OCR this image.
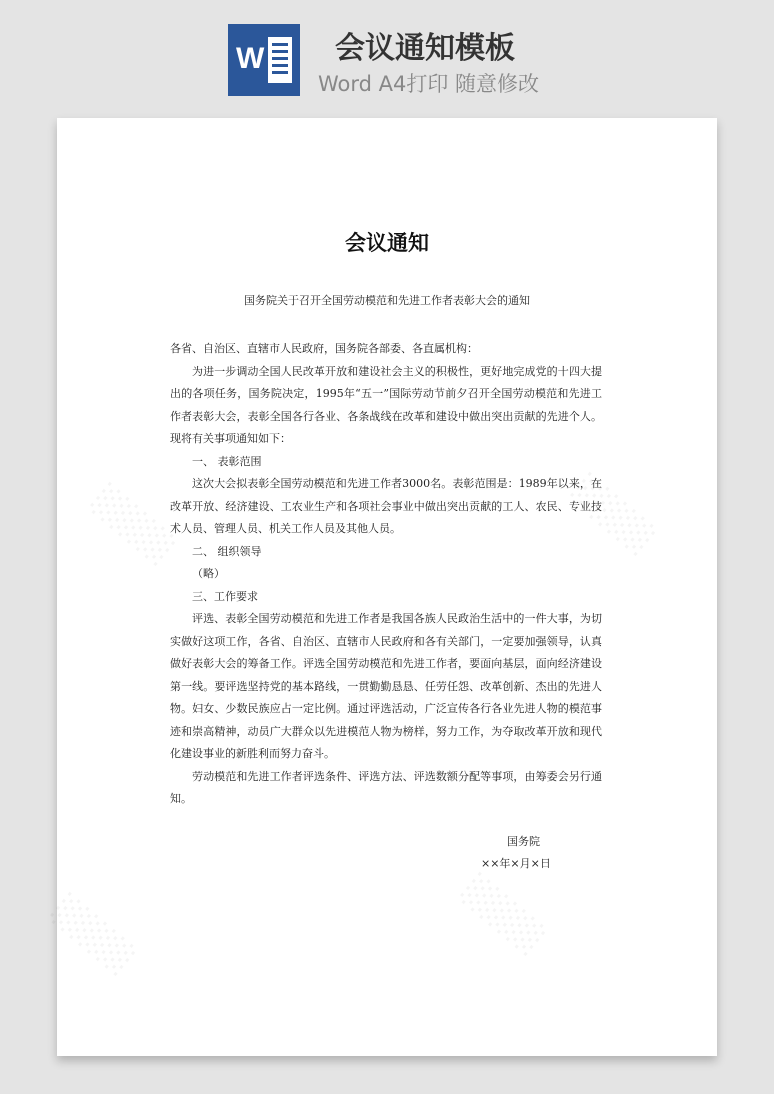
W	会议通知模板
Word A4打印 随意修改
会议通知
国务院关于召开全国劳动模范和先进工作者表彰大会的通知

各省、自治区、直辖市人民政府，国务院各部委、各直属机构：

为进一步调动全国人民改革开放和建设社会主义的积极性，更好地完成党的十四大提出的各项任务，国务院决定，1995年“五一”国际劳动节前夕召开全国劳动模范和先进工作者表彰大会，表彰全国各行各业、各条战线在改革和建设中做出突出贡献的先进个人。现将有关事项通知如下：

一、 表彰范围

这次大会拟表彰全国劳动模范和先进工作者3000名。表彰范围是：1989年以来，在改革开放、经济建设、工农业生产和各项社会事业中做出突出贡献的工人、农民、专业技术人员、管理人员、机关工作人员及其他人员。

二、 组织领导

（略）

三、工作要求

评选、表彰全国劳动模范和先进工作者是我国各族人民政治生活中的一件大事，为切实做好这项工作，各省、自治区、直辖市人民政府和各有关部门，一定要加强领导，认真做好表彰大会的筹备工作。评选全国劳动模范和先进工作者，要面向基层，面向经济建设第一线。要评选坚持党的基本路线，一贯勤勤恳恳、任劳任怨、改革创新、杰出的先进人物。妇女、少数民族应占一定比例。通过评选活动，广泛宣传各行各业先进人物的模范事迹和崇高精神，动员广大群众以先进模范人物为榜样，努力工作，为夺取改革开放和现代化建设事业的新胜利而努力奋斗。

劳动模范和先进工作者评选条件、评选方法、评选数额分配等事项，由筹委会另行通知。

国务院
××年×月×日
